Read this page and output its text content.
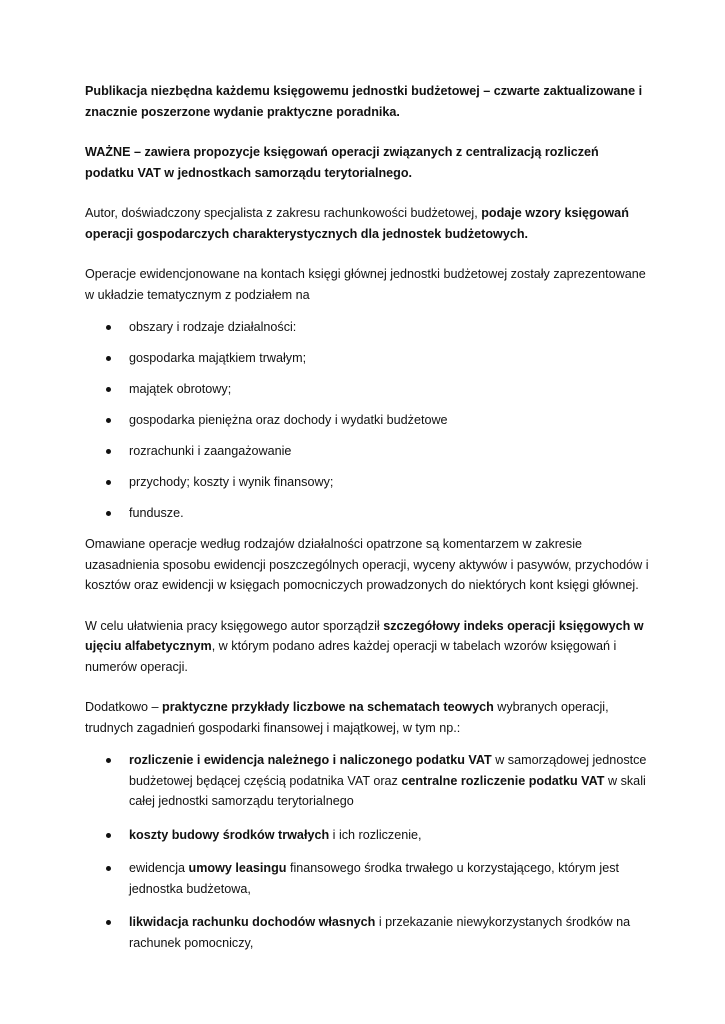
Publikacja niezbędna każdemu księgowemu jednostki budżetowej – czwarte zaktualizowane i znacznie poszerzone wydanie praktyczne poradnika.

WAŻNE – zawiera propozycje księgowań operacji związanych z centralizacją rozliczeń podatku VAT w jednostkach samorządu terytorialnego.

Autor, doświadczony specjalista z zakresu rachunkowości budżetowej, podaje wzory księgowań operacji gospodarczych charakterystycznych dla jednostek budżetowych.

Operacje ewidencjonowane na kontach księgi głównej jednostki budżetowej zostały zaprezentowane w układzie tematycznym z podziałem na

obszary i rodzaje działalności:
gospodarka majątkiem trwałym;
majątek obrotowy;
gospodarka pieniężna oraz dochody i wydatki budżetowe
rozrachunki i zaangażowanie
przychody; koszty i wynik finansowy;
fundusze.

Omawiane operacje według rodzajów działalności opatrzone są komentarzem w zakresie uzasadnienia sposobu ewidencji poszczególnych operacji, wyceny aktywów i pasywów, przychodów i kosztów oraz ewidencji w księgach pomocniczych prowadzonych do niektórych kont księgi głównej.

W celu ułatwienia pracy księgowego autor sporządził szczegółowy indeks operacji księgowych w ujęciu alfabetycznym, w którym podano adres każdej operacji w tabelach wzorów księgowań i numerów operacji.

Dodatkowo – praktyczne przykłady liczbowe na schematach teowych wybranych operacji, trudnych zagadnień gospodarki finansowej i majątkowej, w tym np.:

rozliczenie i ewidencja należnego i naliczonego podatku VAT w samorządowej jednostce budżetowej będącej częścią podatnika VAT oraz centralne rozliczenie podatku VAT w skali całej jednostki samorządu terytorialnego
koszty budowy środków trwałych i ich rozliczenie,
ewidencja umowy leasingu finansowego środka trwałego u korzystającego, którym jest jednostka budżetowa,
likwidacja rachunku dochodów własnych i przekazanie niewykorzystanych środków na rachunek pomocniczy,
